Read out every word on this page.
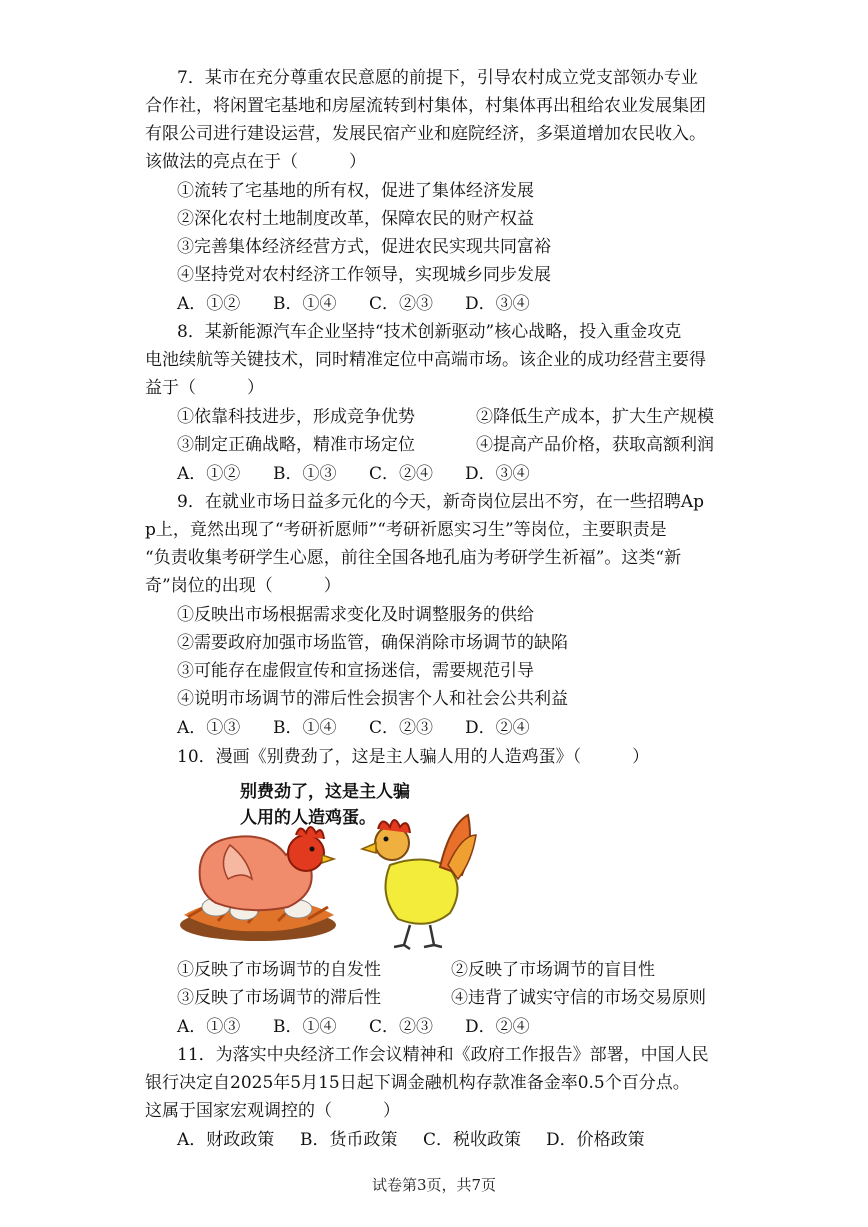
7．某市在充分尊重农民意愿的前提下，引导农村成立党支部领办专业
合作社，将闲置宅基地和房屋流转到村集体，村集体再出租给农业发展集团
有限公司进行建设运营，发展民宿产业和庭院经济，多渠道增加农民收入。
该做法的亮点在于（　　　）
①流转了宅基地的所有权，促进了集体经济发展
②深化农村土地制度改革，保障农民的财产权益
③完善集体经济经营方式，促进农民实现共同富裕
④坚持党对农村经济工作领导，实现城乡同步发展
A．①② B．①④ C．②③ D．③④
8．某新能源汽车企业坚持“技术创新驱动”核心战略，投入重金攻克
电池续航等关键技术，同时精准定位中高端市场。该企业的成功经营主要得
益于（　　　）
①依靠科技进步，形成竞争优势	②降低生产成本，扩大生产规模
③制定正确战略，精准市场定位	④提高产品价格，获取高额利润
A．①② B．①③ C．②④ D．③④
9．在就业市场日益多元化的今天，新奇岗位层出不穷，在一些招聘Ap
p上，竟然出现了“考研祈愿师”“考研祈愿实习生”等岗位，主要职责是
“负责收集考研学生心愿，前往全国各地孔庙为考研学生祈福”。这类“新
奇”岗位的出现（　　　）
①反映出市场根据需求变化及时调整服务的供给
②需要政府加强市场监管，确保消除市场调节的缺陷
③可能存在虚假宣传和宣扬迷信，需要规范引导
④说明市场调节的滞后性会损害个人和社会公共利益
A．①③ B．①④ C．②③ D．②④
10．漫画《别费劲了，这是主人骗人用的人造鸡蛋》（　　　）
别费劲了，这是主人骗
人用的人造鸡蛋。
①反映了市场调节的自发性	②反映了市场调节的盲目性
③反映了市场调节的滞后性	④违背了诚实守信的市场交易原则
A．①③ B．①④ C．②③ D．②④
11．为落实中央经济工作会议精神和《政府工作报告》部署，中国人民
银行决定自2025年5月15日起下调金融机构存款准备金率0.5个百分点。
这属于国家宏观调控的（　　　）
A．财政政策 B．货币政策 C．税收政策 D．价格政策
试卷第3页，共7页
